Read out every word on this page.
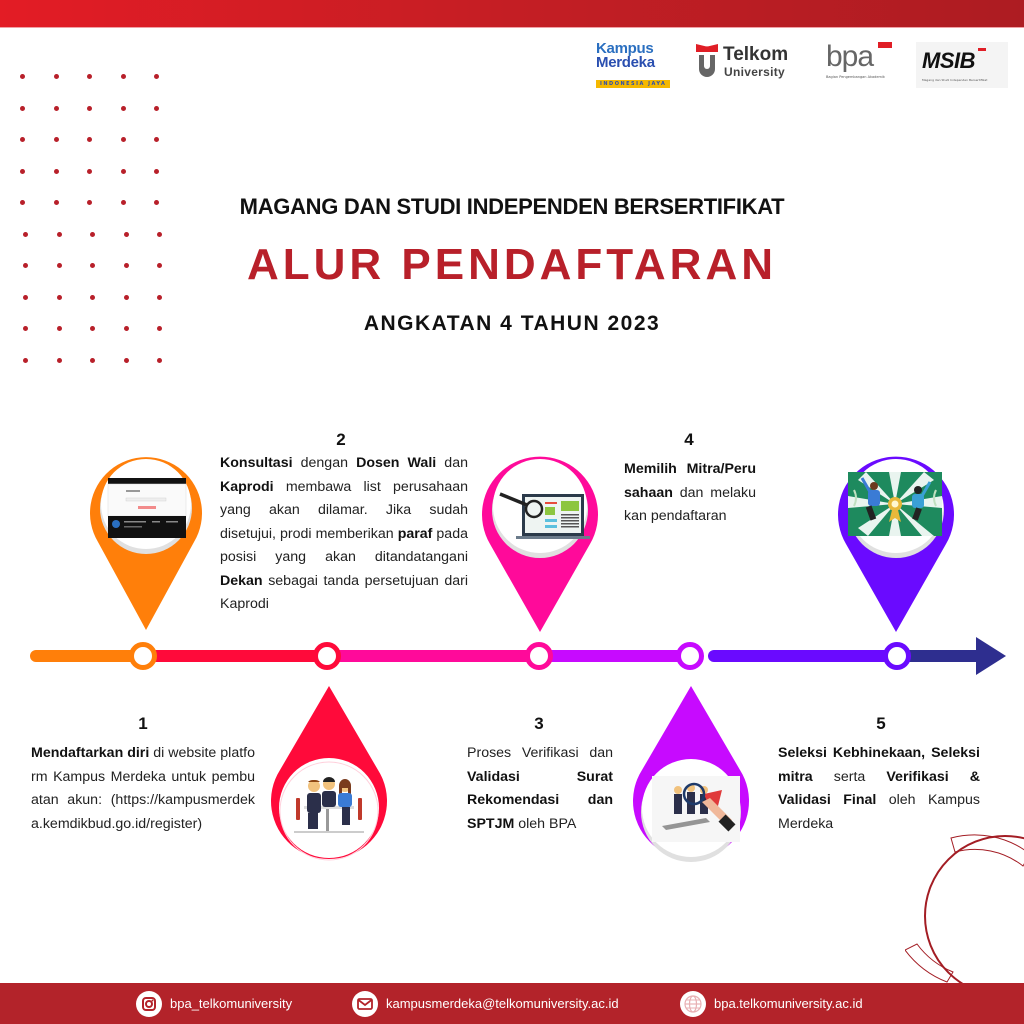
Kampus
Merdeka
INDONESIA JAYA
Telkom
University bpa
Bagian Pengembangan Akademik
MSIB
Magang dan Studi Independen Bersertifikat
MAGANG DAN STUDI INDEPENDEN BERSERTIFIKAT
ALUR PENDAFTARAN
ANGKATAN 4 TAHUN 2023
2
Konsultasi dengan Dosen Wali dan Kaprodi membawa list perusahaan yang akan dilamar. Jika sudah disetujui, prodi memberikan paraf pada posisi yang akan ditandatangani Dekan sebagai tanda persetujuan dari Kaprodi
4
Memilih Mitra/Perusahaan dan melakukan pendaftaran
1
Mendaftarkan diri di website platform Kampus Merdeka untuk pembuatan akun: (https://kampusmerdeka.kemdikbud.go.id/register)
3
Proses Verifikasi dan Validasi Surat Rekomendasi dan SPTJM oleh BPA
5
Seleksi Kebhinekaan, Seleksi mitra serta Verifikasi & Validasi Final oleh Kampus Merdeka
bpa_telkomuniversity	kampusmerdeka@telkomuniversity.ac.id	bpa.telkomuniversity.ac.id
